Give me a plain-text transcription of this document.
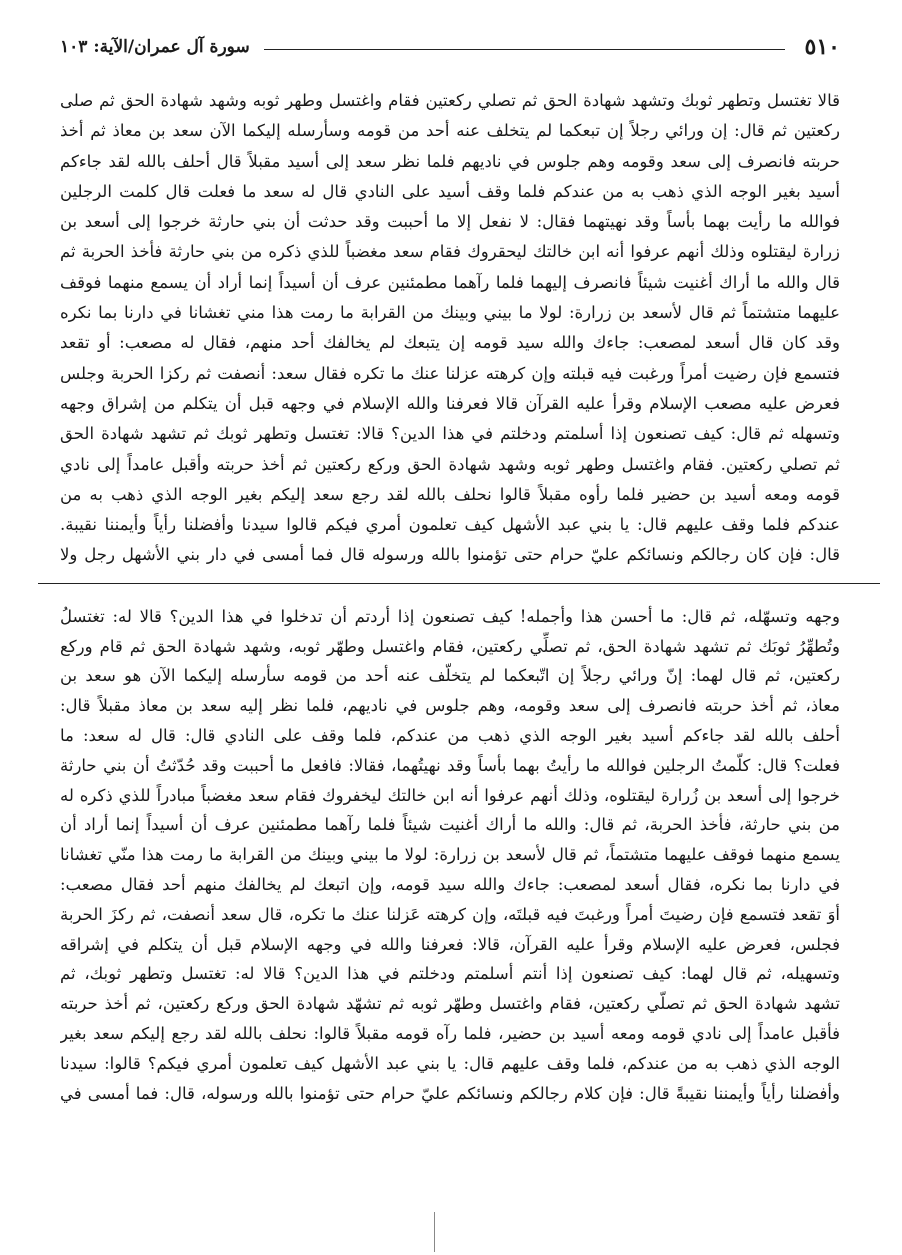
٥١٠
سورة آل عمران/الآية: ١٠٣
قالا تغتسل وتطهر ثوبك وتشهد شهادة الحق ثم تصلي ركعتين فقام واغتسل وطهر ثوبه وشهد شهادة الحق ثم صلى
ركعتين ثم قال: إن ورائي رجلاً إن تبعكما لم يتخلف عنه أحد من قومه وسأرسله إليكما الآن سعد بن معاذ ثم أخذ
حربته فانصرف إلى سعد وقومه وهم جلوس في ناديهم فلما نظر سعد إلى أسيد مقبلاً قال أحلف بالله لقد جاءكم
أسيد بغير الوجه الذي ذهب به من عندكم فلما وقف أسيد على النادي قال له سعد ما فعلت قال كلمت الرجلين
فوالله ما رأيت بهما بأساً وقد نهيتهما فقال: لا نفعل إلا ما أحببت وقد حدثت أن بني حارثة خرجوا إلى أسعد بن
زرارة ليقتلوه وذلك أنهم عرفوا أنه ابن خالتك ليحقروك فقام سعد مغضباً للذي ذكره من بني حارثة فأخذ الحربة ثم
قال والله ما أراك أغنيت شيئاً فانصرف إليهما فلما رآهما مطمئنين عرف أن أسيداً إنما أراد أن يسمع منهما فوقف
عليهما متشتماً ثم قال لأسعد بن زرارة: لولا ما بيني وبينك من القرابة ما رمت هذا مني تغشانا في دارنا بما نكره
وقد كان قال أسعد لمصعب: جاءك والله سيد قومه إن يتبعك لم يخالفك أحد منهم، فقال له مصعب: أو تقعد
فتسمع فإن رضيت أمراً ورغبت فيه قبلته وإن كرهته عزلنا عنك ما تكره فقال سعد: أنصفت ثم ركزا الحربة وجلس
فعرض عليه مصعب الإسلام وقرأ عليه القرآن قالا فعرفنا والله الإسلام في وجهه قبل أن يتكلم من إشراق وجهه
وتسهله ثم قال: كيف تصنعون إذا أسلمتم ودخلتم في هذا الدين؟ قالا: تغتسل وتطهر ثوبك ثم تشهد شهادة الحق
ثم تصلي ركعتين. فقام واغتسل وطهر ثوبه وشهد شهادة الحق وركع ركعتين ثم أخذ حربته وأقبل عامداً إلى نادي
قومه ومعه أسيد بن حضير فلما رأوه مقبلاً قالوا نحلف بالله لقد رجع سعد إليكم بغير الوجه الذي ذهب به من
عندكم فلما وقف عليهم قال: يا بني عبد الأشهل كيف تعلمون أمري فيكم قالوا سيدنا وأفضلنا رأياً وأيمننا نقيبة.
قال: فإن كان رجالكم ونسائكم عليّ حرام حتى تؤمنوا بالله ورسوله قال فما أمسى في دار بني الأشهل رجل ولا
وجهه وتسهّله، ثم قال: ما أحسن هذا وأجمله! كيف تصنعون إذا أردتم أن تدخلوا في هذا الدين؟ قالا له: تغتسلُ
وتُطهِّرُ ثوبَك ثم تشهد شهادة الحق، ثم تصلِّي ركعتين، فقام واغتسل وطهّر ثوبه، وشهد شهادة الحق ثم قام وركع
ركعتين، ثم قال لهما: إنّ ورائي رجلاً إن اتّبعكما لم يتخلّف عنه أحد من قومه سأرسله إليكما الآن هو سعد بن
معاذ، ثم أخذ حربته فانصرف إلى سعد وقومه، وهم جلوس في ناديهم، فلما نظر إليه سعد بن معاذ مقبلاً قال:
أحلف بالله لقد جاءكم أسيد بغير الوجه الذي ذهب من عندكم، فلما وقف على النادي قال: قال له سعد: ما
فعلت؟ قال: كلّمتُ الرجلين فوالله ما رأيتُ بهما بأساً وقد نهيتُهما، فقالا: فافعل ما أحببت وقد حُدّثتُ أن بني حارثة
خرجوا إلى أسعد بن زُرارة ليقتلوه، وذلك أنهم عرفوا أنه ابن خالتك ليخفروك فقام سعد مغضباً مبادراً للذي ذكره له
من بني حارثة، فأخذ الحربة، ثم قال: والله ما أراك أغنيت شيئاً فلما رآهما مطمئنين عرف أن أسيداً إنما أراد أن
يسمع منهما فوقف عليهما متشتماً، ثم قال لأسعد بن زرارة: لولا ما بيني وبينك من القرابة ما رمت هذا منّي تغشانا
في دارنا بما نكره، فقال أسعد لمصعب: جاءك والله سيد قومه، وإن اتبعك لم يخالفك منهم أحد فقال مصعب:
أوَ تقعد فتسمع فإن رضيتَ أمراً ورغبتَ فيه قبلتَه، وإن كرهته عَزلنا عنك ما تكره، قال سعد أنصفت، ثم ركزَ الحربة
فجلس، فعرض عليه الإسلام وقرأ عليه القرآن، قالا: فعرفنا والله في وجهه الإسلام قبل أن يتكلم في إشراقه
وتسهيله، ثم قال لهما: كيف تصنعون إذا أنتم أسلمتم ودخلتم في هذا الدين؟ قالا له: تغتسل وتطهر ثوبك، ثم
تشهد شهادة الحق ثم تصلّي ركعتين، فقام واغتسل وطهّر ثوبه ثم تشهّد شهادة الحق وركع ركعتين، ثم أخذ حربته
فأقبل عامداً إلى نادي قومه ومعه أسيد بن حضير، فلما رآه قومه مقبلاً قالوا: نحلف بالله لقد رجع إليكم سعد بغير
الوجه الذي ذهب به من عندكم، فلما وقف عليهم قال: يا بني عبد الأشهل كيف تعلمون أمري فيكم؟ قالوا: سيدنا
وأفضلنا رأياً وأيمننا نقيبةً قال: فإن كلام رجالكم ونسائكم عليّ حرام حتى تؤمنوا بالله ورسوله، قال: فما أمسى في
